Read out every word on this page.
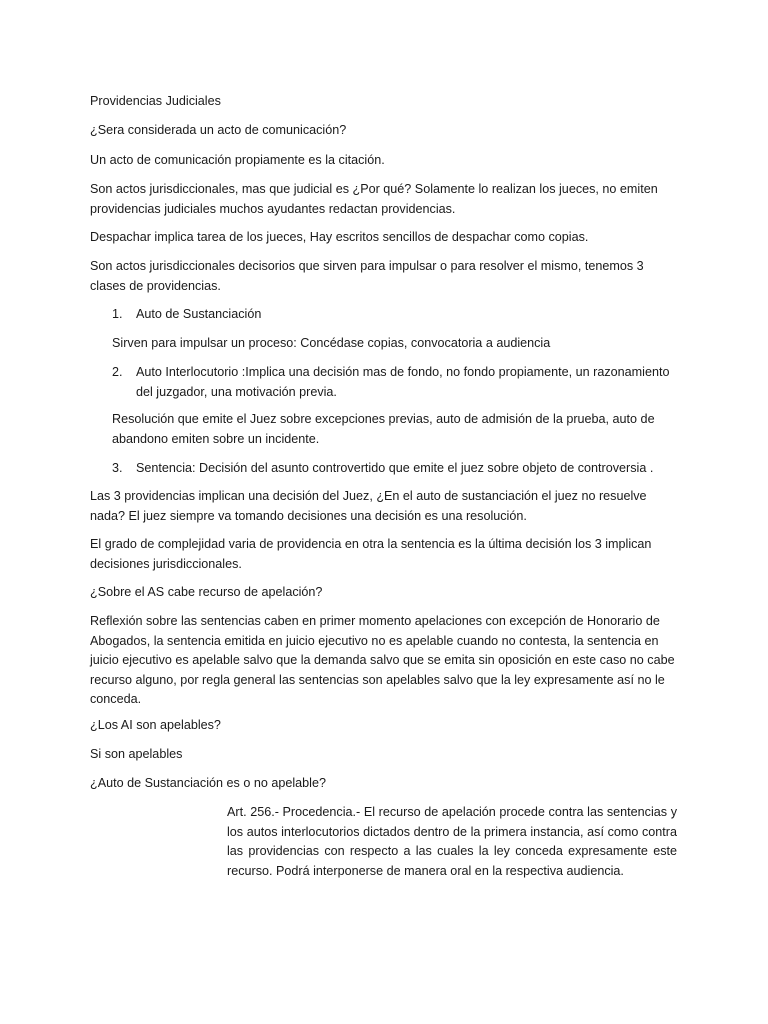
Providencias Judiciales

¿Sera considerada un acto de comunicación?

Un acto de comunicación propiamente es la citación.

Son actos jurisdiccionales, mas que judicial es ¿Por qué? Solamente lo realizan los jueces, no emiten providencias judiciales muchos ayudantes redactan providencias.

Despachar implica tarea de los jueces, Hay escritos sencillos de despachar como copias.

Son actos jurisdiccionales decisorios que sirven para impulsar o para resolver el mismo, tenemos 3 clases de providencias.

1.	Auto de Sustanciación

Sirven para impulsar un proceso: Concédase copias, convocatoria a audiencia

2.	Auto Interlocutorio :Implica una decisión mas de fondo, no fondo propiamente, un razonamiento del juzgador, una motivación previa.

Resolución que emite el Juez sobre excepciones previas, auto de admisión de la prueba, auto de abandono emiten sobre un incidente.

3.	Sentencia: Decisión del asunto controvertido que emite el juez sobre objeto de controversia .

Las 3 providencias implican una decisión del Juez, ¿En el auto de sustanciación el juez no resuelve nada? El juez siempre va tomando decisiones una decisión es una resolución.

El grado de complejidad varia de providencia en otra la sentencia es la última decisión los 3 implican decisiones jurisdiccionales.

¿Sobre el AS cabe recurso de apelación?

Reflexión sobre las sentencias caben en primer momento apelaciones con excepción de Honorario de Abogados, la sentencia emitida en juicio ejecutivo no es apelable cuando no contesta, la sentencia en juicio ejecutivo es apelable salvo que la demanda salvo que se emita sin oposición en este caso no cabe recurso alguno, por regla general las sentencias son apelables salvo que la ley expresamente así no le conceda.

¿Los AI son apelables?

Si son apelables

¿Auto de Sustanciación es o no apelable?

Art. 256.- Procedencia.- El recurso de apelación procede contra las sentencias y los autos interlocutorios dictados dentro de la primera instancia, así como contra las providencias con respecto a las cuales la ley conceda expresamente este recurso. Podrá interponerse de manera oral en la respectiva audiencia.
